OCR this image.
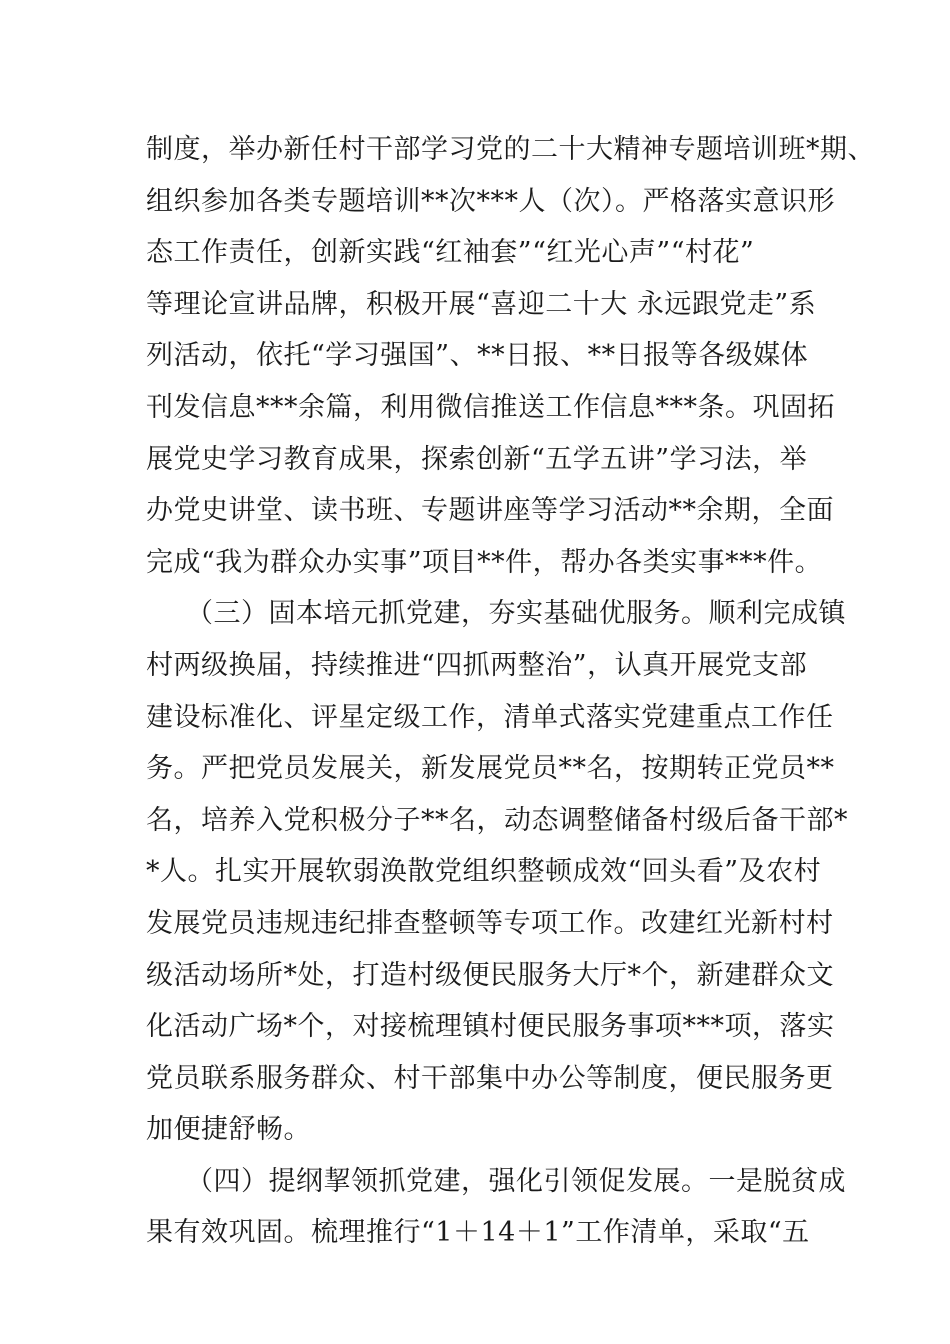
制度，举办新任村干部学习党的二十大精神专题培训班*期、
组织参加各类专题培训**次***人（次）。严格落实意识形
态工作责任，创新实践“红袖套”“红光心声”“村花”
等理论宣讲品牌，积极开展“喜迎二十大 永远跟党走”系
列活动，依托“学习强国”、**日报、**日报等各级媒体
刊发信息***余篇，利用微信推送工作信息***条。巩固拓
展党史学习教育成果，探索创新“五学五讲”学习法，举
办党史讲堂、读书班、专题讲座等学习活动**余期，全面
完成“我为群众办实事”项目**件，帮办各类实事***件。
（三）固本培元抓党建，夯实基础优服务。顺利完成镇
村两级换届，持续推进“四抓两整治”，认真开展党支部
建设标准化、评星定级工作，清单式落实党建重点工作任
务。严把党员发展关，新发展党员**名，按期转正党员**
名，培养入党积极分子**名，动态调整储备村级后备干部*
*人。扎实开展软弱涣散党组织整顿成效“回头看”及农村
发展党员违规违纪排查整顿等专项工作。改建红光新村村
级活动场所*处，打造村级便民服务大厅*个，新建群众文
化活动广场*个，对接梳理镇村便民服务事项***项，落实
党员联系服务群众、村干部集中办公等制度，便民服务更
加便捷舒畅。
（四）提纲挈领抓党建，强化引领促发展。一是脱贫成
果有效巩固。梳理推行“1＋14＋1”工作清单，采取“五
